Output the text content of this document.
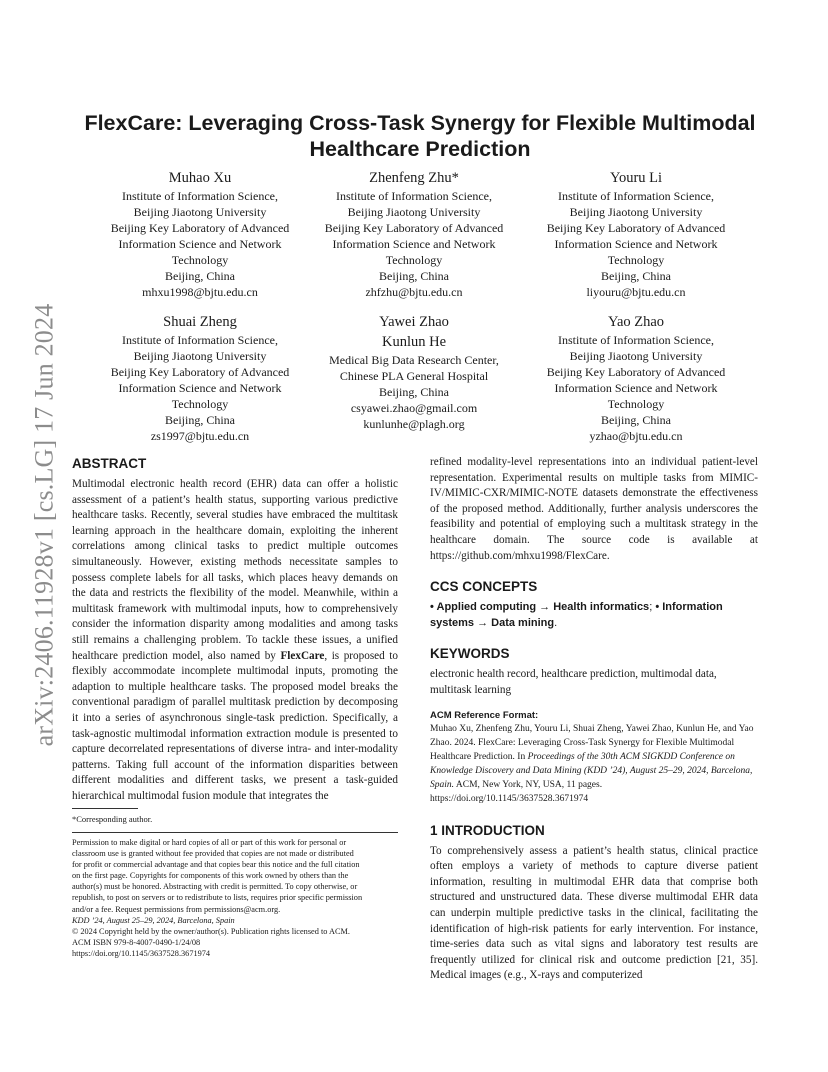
arXiv:2406.11928v1 [cs.LG] 17 Jun 2024
FlexCare: Leveraging Cross-Task Synergy for Flexible Multimodal
Healthcare Prediction
Muhao Xu
Institute of Information Science,
Beijing Jiaotong University
Beijing Key Laboratory of Advanced
Information Science and Network
Technology
Beijing, China
mhxu1998@bjtu.edu.cn
Zhenfeng Zhu*
Institute of Information Science,
Beijing Jiaotong University
Beijing Key Laboratory of Advanced
Information Science and Network
Technology
Beijing, China
zhfzhu@bjtu.edu.cn
Youru Li
Institute of Information Science,
Beijing Jiaotong University
Beijing Key Laboratory of Advanced
Information Science and Network
Technology
Beijing, China
liyouru@bjtu.edu.cn
Shuai Zheng
Institute of Information Science,
Beijing Jiaotong University
Beijing Key Laboratory of Advanced
Information Science and Network
Technology
Beijing, China
zs1997@bjtu.edu.cn
Yawei Zhao
Kunlun He
Medical Big Data Research Center,
Chinese PLA General Hospital
Beijing, China
csyawei.zhao@gmail.com
kunlunhe@plagh.org
Yao Zhao
Institute of Information Science,
Beijing Jiaotong University
Beijing Key Laboratory of Advanced
Information Science and Network
Technology
Beijing, China
yzhao@bjtu.edu.cn
ABSTRACT

Multimodal electronic health record (EHR) data can offer a holistic assessment of a patient’s health status, supporting various predictive healthcare tasks. Recently, several studies have embraced the multitask learning approach in the healthcare domain, exploiting the inherent correlations among clinical tasks to predict multiple outcomes simultaneously. However, existing methods necessitate samples to possess complete labels for all tasks, which places heavy demands on the data and restricts the flexibility of the model. Meanwhile, within a multitask framework with multimodal inputs, how to comprehensively consider the information disparity among modalities and among tasks still remains a challenging problem. To tackle these issues, a unified healthcare prediction model, also named by FlexCare, is proposed to flexibly accommodate incomplete multimodal inputs, promoting the adaption to multiple healthcare tasks. The proposed model breaks the conventional paradigm of parallel multitask prediction by decomposing it into a series of asynchronous single-task prediction. Specifically, a task-agnostic multimodal information extraction module is presented to capture decorrelated representations of diverse intra- and inter-modality patterns. Taking full account of the information disparities between different modalities and different tasks, we present a task-guided hierarchical multimodal fusion module that integrates the

*Corresponding author.
Permission to make digital or hard copies of all or part of this work for personal or
classroom use is granted without fee provided that copies are not made or distributed
for profit or commercial advantage and that copies bear this notice and the full citation
on the first page. Copyrights for components of this work owned by others than the
author(s) must be honored. Abstracting with credit is permitted. To copy otherwise, or
republish, to post on servers or to redistribute to lists, requires prior specific permission
and/or a fee. Request permissions from permissions@acm.org.
KDD ’24, August 25–29, 2024, Barcelona, Spain
© 2024 Copyright held by the owner/author(s). Publication rights licensed to ACM.
ACM ISBN 979-8-4007-0490-1/24/08
https://doi.org/10.1145/3637528.3671974

refined modality-level representations into an individual patient-level representation. Experimental results on multiple tasks from MIMIC-IV/MIMIC-CXR/MIMIC-NOTE datasets demonstrate the effectiveness of the proposed method. Additionally, further analysis underscores the feasibility and potential of employing such a multitask strategy in the healthcare domain. The source code is available at https://github.com/mhxu1998/FlexCare.

CCS CONCEPTS

• Applied computing → Health informatics; • Information systems → Data mining.

KEYWORDS

electronic health record, healthcare prediction, multimodal data, multitask learning

ACM Reference Format:

Muhao Xu, Zhenfeng Zhu, Youru Li, Shuai Zheng, Yawei Zhao, Kunlun He, and Yao Zhao. 2024. FlexCare: Leveraging Cross-Task Synergy for Flexible Multimodal Healthcare Prediction. In Proceedings of the 30th ACM SIGKDD Conference on Knowledge Discovery and Data Mining (KDD ’24), August 25–29, 2024, Barcelona, Spain. ACM, New York, NY, USA, 11 pages. https://doi.org/10.1145/3637528.3671974

1 INTRODUCTION

To comprehensively assess a patient’s health status, clinical practice often employs a variety of methods to capture diverse patient information, resulting in multimodal EHR data that comprise both structured and unstructured data. These diverse multimodal EHR data can underpin multiple predictive tasks in the clinical, facilitating the identification of high-risk patients for early intervention. For instance, time-series data such as vital signs and laboratory test results are frequently utilized for clinical risk and outcome prediction [21, 35]. Medical images (e.g., X-rays and computerized
